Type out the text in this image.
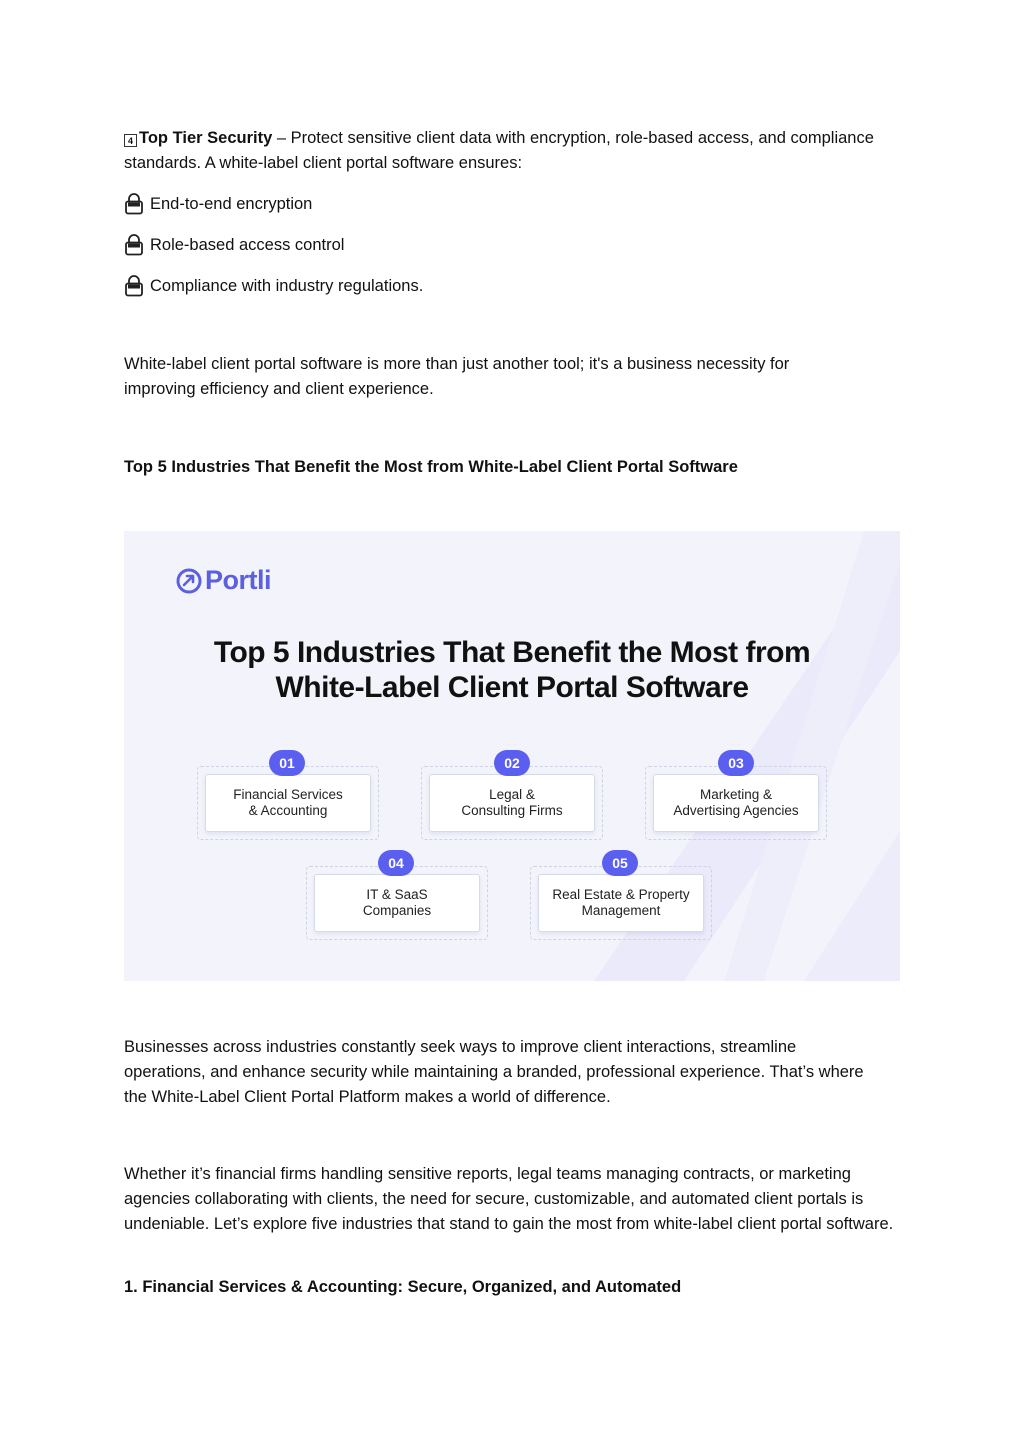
4 Top Tier Security – Protect sensitive client data with encryption, role-based access, and compliance standards. A white-label client portal software ensures:

End-to-end encryption
Role-based access control
Compliance with industry regulations.

White-label client portal software is more than just another tool; it's a business necessity for improving efficiency and client experience.

Top 5 Industries That Benefit the Most from White-Label Client Portal Software

Businesses across industries constantly seek ways to improve client interactions, streamline operations, and enhance security while maintaining a branded, professional experience. That’s where the White-Label Client Portal Platform makes a world of difference.

Whether it’s financial firms handling sensitive reports, legal teams managing contracts, or marketing agencies collaborating with clients, the need for secure, customizable, and automated client portals is undeniable. Let’s explore five industries that stand to gain the most from white-label client portal software.

1. Financial Services & Accounting: Secure, Organized, and Automated

Portli
Top 5 Industries That Benefit the Most from
White-Label Client Portal Software
Financial Services
& Accounting
01
Legal &
Consulting Firms
02
Marketing &
Advertising Agencies
03
IT & SaaS
Companies
04
Real Estate & Property
Management
05
